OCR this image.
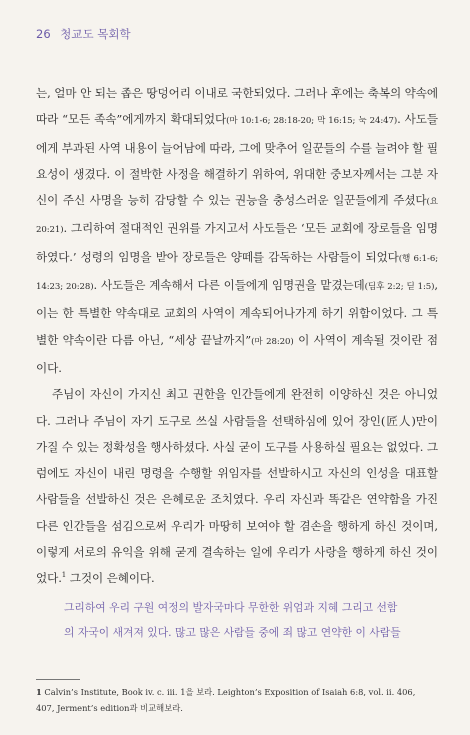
26 청교도 목회학

는, 얼마 안 되는 좁은 땅덩어리 이내로 국한되었다. 그러나 후에는 축복의 약속에 따라 “모든 족속”에게까지 확대되었다(마 10:1-6; 28:18-20; 막 16:15; 눅 24:47). 사도들에게 부과된 사역 내용이 늘어남에 따라, 그에 맞추어 일꾼들의 수를 늘려야 할 필요성이 생겼다. 이 절박한 사정을 해결하기 위하여, 위대한 중보자께서는 그분 자신이 주신 사명을 능히 감당할 수 있는 권능을 충성스러운 일꾼들에게 주셨다(요 20:21). 그리하여 절대적인 권위를 가지고서 사도들은 ‘모든 교회에 장로들을 임명하였다.’ 성령의 임명을 받아 장로들은 양떼를 감독하는 사람들이 되었다(행 6:1-6; 14:23; 20:28). 사도들은 계속해서 다른 이들에게 임명권을 맡겼는데(딤후 2:2; 딛 1:5), 이는 한 특별한 약속대로 교회의 사역이 계속되어나가게 하기 위함이었다. 그 특별한 약속이란 다름 아닌, “세상 끝날까지”(마 28:20) 이 사역이 계속될 것이란 점이다.

주님이 자신이 가지신 최고 권한을 인간들에게 완전히 이양하신 것은 아니었다. 그러나 주님이 자기 도구로 쓰실 사람들을 선택하심에 있어 장인(匠人)만이 가질 수 있는 정확성을 행사하셨다. 사실 굳이 도구를 사용하실 필요는 없었다. 그럼에도 자신이 내린 명령을 수행할 위임자를 선발하시고 자신의 인성을 대표할 사람들을 선발하신 것은 은혜로운 조치였다. 우리 자신과 똑같은 연약함을 가진 다른 인간들을 섬김으로써 우리가 마땅히 보여야 할 겸손을 행하게 하신 것이며, 이렇게 서로의 유익을 위해 굳게 결속하는 일에 우리가 사랑을 행하게 하신 것이었다.$^1$ 그것이 은혜이다.

그리하여 우리 구원 여정의 발자국마다 무한한 위엄과 지혜 그리고 선함

의 자국이 새겨져 있다. 많고 많은 사람들 중에 죄 많고 연약한 이 사람들

1 Calvin’s Institute, Book iv. c. iii. 1을 보라. Leighton’s Exposition of Isaiah 6:8, vol. ii. 406,

407, Jerment’s edition과 비교해보라.
